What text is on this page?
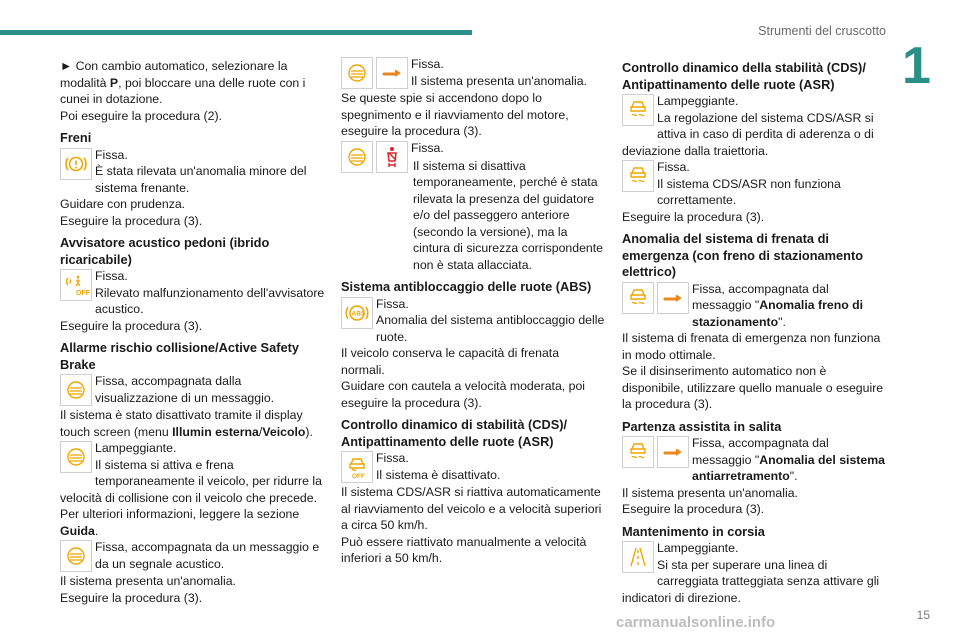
Strumenti del cruscotto
1

► Con cambio automatico, selezionare la modalità P, poi bloccare una delle ruote con i cunei in dotazione.

Poi eseguire la procedura (2).

Freni

Fissa.

È stata rilevata un'anomalia minore del sistema frenante.

Guidare con prudenza.

Eseguire la procedura (3).

Avvisatore acustico pedoni (ibrido ricaricabile)
OFF

Fissa.

Rilevato malfunzionamento dell'avvisatore acustico.

Eseguire la procedura (3).

Allarme rischio collisione/Active Safety Brake

Fissa, accompagnata dalla visualizzazione di un messaggio.

Il sistema è stato disattivato tramite il display touch screen (menu Illumin esterna/Veicolo).

Lampeggiante.

Il sistema si attiva e frena temporaneamente il veicolo, per ridurre la velocità di collisione con il veicolo che precede.

Per ulteriori informazioni, leggere la sezione Guida.

Fissa, accompagnata da un messaggio e da un segnale acustico.

Il sistema presenta un'anomalia.

Eseguire la procedura (3).

Fissa.

Il sistema presenta un'anomalia.

Se queste spie si accendono dopo lo spegnimento e il riavviamento del motore, eseguire la procedura (3).

Fissa.

Il sistema si disattiva temporaneamente, perché è stata rilevata la presenza del guidatore e/o del passeggero anteriore (secondo la versione), ma la cintura di sicurezza corrispondente non è stata allacciata.

Sistema antibloccaggio delle ruote (ABS)
ABS

Fissa.

Anomalia del sistema antibloccaggio delle ruote.

Il veicolo conserva le capacità di frenata normali.

Guidare con cautela a velocità moderata, poi eseguire la procedura (3).

Controllo dinamico di stabilità (CDS)/ Antipattinamento delle ruote (ASR)
OFF

Fissa.

Il sistema è disattivato.

Il sistema CDS/ASR si riattiva automaticamente al riavviamento del veicolo e a velocità superiori a circa 50 km/h.

Può essere riattivato manualmente a velocità inferiori a 50 km/h.

Controllo dinamico della stabilità (CDS)/ Antipattinamento delle ruote (ASR)

Lampeggiante.

La regolazione del sistema CDS/ASR si attiva in caso di perdita di aderenza o di deviazione dalla traiettoria.

Fissa.

Il sistema CDS/ASR non funziona correttamente.

Eseguire la procedura (3).

Anomalia del sistema di frenata di emergenza (con freno di stazionamento elettrico)

Fissa, accompagnata dal messaggio "Anomalia freno di stazionamento".

Il sistema di frenata di emergenza non funziona in modo ottimale.

Se il disinserimento automatico non è disponibile, utilizzare quello manuale o eseguire la procedura (3).

Partenza assistita in salita

Fissa, accompagnata dal messaggio "Anomalia del sistema antiarretramento".

Il sistema presenta un'anomalia.

Eseguire la procedura (3).

Mantenimento in corsia

Lampeggiante.

Si sta per superare una linea di carreggiata tratteggiata senza attivare gli indicatori di direzione.

15
carmanualsonline.info
